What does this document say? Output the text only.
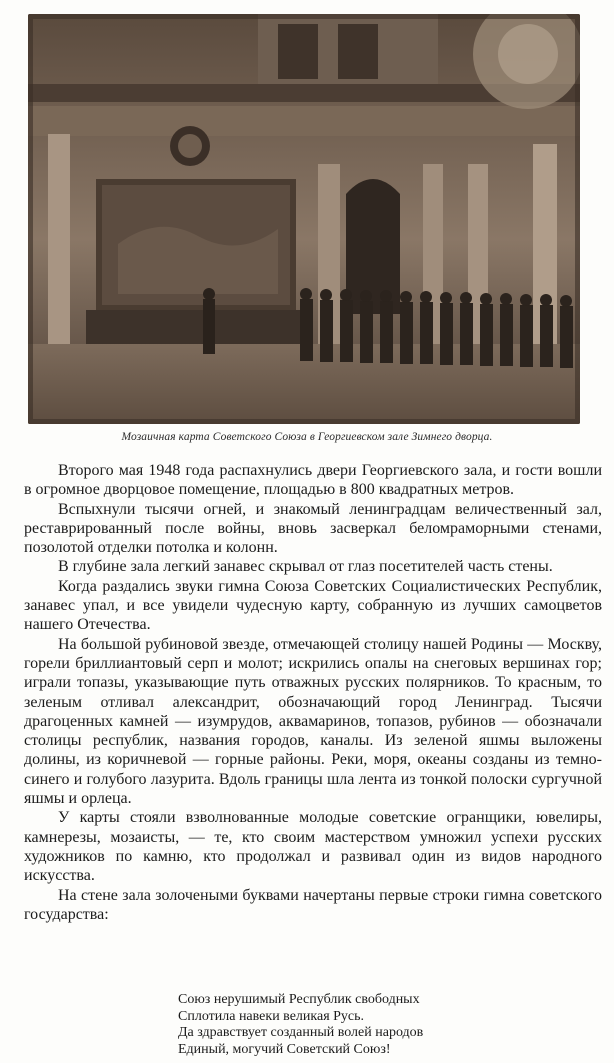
Мозаичная карта Советского Союза в Георгиевском зале Зимнего дворца.

Второго мая 1948 года распахнулись двери Георгиевского зала, и гости вошли в огромное дворцовое помещение, площадью в 800 квадратных метров.

Вспыхнули тысячи огней, и знакомый ленинградцам величественный зал, реставрированный после войны, вновь засверкал беломраморными стенами, позолотой отделки потолка и колонн.

В глубине зала легкий занавес скрывал от глаз посетителей часть стены.

Когда раздались звуки гимна Союза Советских Социалистических Республик, занавес упал, и все увидели чудесную карту, собранную из лучших самоцветов нашего Отечества.

На большой рубиновой звезде, отмечающей столицу нашей Родины — Москву, горели бриллиантовый серп и молот; искрились опалы на снеговых вершинах гор; играли топазы, указывающие путь отважных русских полярников. То красным, то зеленым отливал александрит, обозначающий город Ленинград. Тысячи драгоценных камней — изумрудов, аквамаринов, топазов, рубинов — обозначали столицы республик, названия городов, каналы. Из зеленой яшмы выложены долины, из коричневой — горные районы. Реки, моря, океаны созданы из темно-синего и голубого лазурита. Вдоль границы шла лента из тонкой полоски сургучной яшмы и орлеца.

У карты стояли взволнованные молодые советские огранщики, ювелиры, камнерезы, мозаисты, — те, кто своим мастерством умножил успехи русских художников по камню, кто продолжал и развивал один из видов народного искусства.

На стене зала золочеными буквами начертаны первые строки гимна советского государства:

Союз нерушимый Республик свободных
Сплотила навеки великая Русь.
Да здравствует созданный волей народов
Единый, могучий Советский Союз!
